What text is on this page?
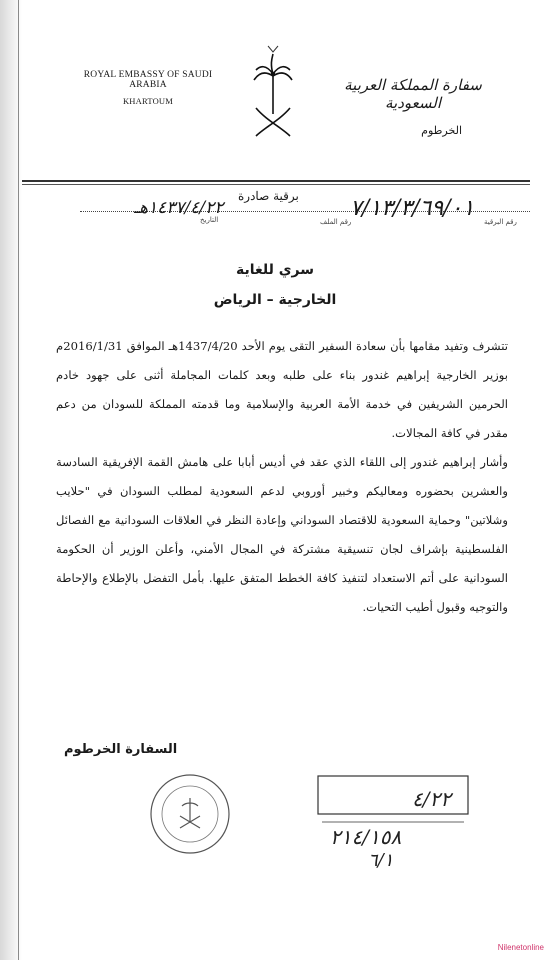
ROYAL EMBASSY OF SAUDI ARABIA
KHARTOUM
سفارة المملكة العربية السعودية
الخرطوم
برقية صادرة
١٤٣٧/٤/٢٢هـ
التاريخ	رقم الملف
٧/١٣/٣/٦٩/٠١
رقم البرقية
سري للغاية
الخارجية – الرياض

تتشرف وتفيد مقامها بأن سعادة السفير التقى يوم الأحد 1437/4/20هـ الموافق 2016/1/31م بوزير الخارجية إبراهيم غندور بناء على طلبه وبعد كلمات المجاملة أثنى على جهود خادم الحرمين الشريفين في خدمة الأمة العربية والإسلامية وما قدمته المملكة للسودان من دعم مقدر في كافة المجالات.

وأشار إبراهيم غندور إلى اللقاء الذي عقد في أديس أبابا على هامش القمة الإفريقية السادسة والعشرين بحضوره ومعاليكم وخبير أوروبي لدعم السعودية لمطلب السودان في "حلايب وشلاتين" وحماية السعودية للاقتصاد السوداني وإعادة النظر في العلاقات السودانية مع الفصائل الفلسطينية بإشراف لجان تنسيقية مشتركة في المجال الأمني، وأعلن الوزير أن الحكومة السودانية على أتم الاستعداد لتنفيذ كافة الخطط المتفق عليها. بأمل التفضل بالإطلاع والإحاطة والتوجيه وقبول أطيب التحيات.

السفارة الخرطوم
٤/٢٢
٢١٤/١٥٨
٦/١
Nilenetonline
